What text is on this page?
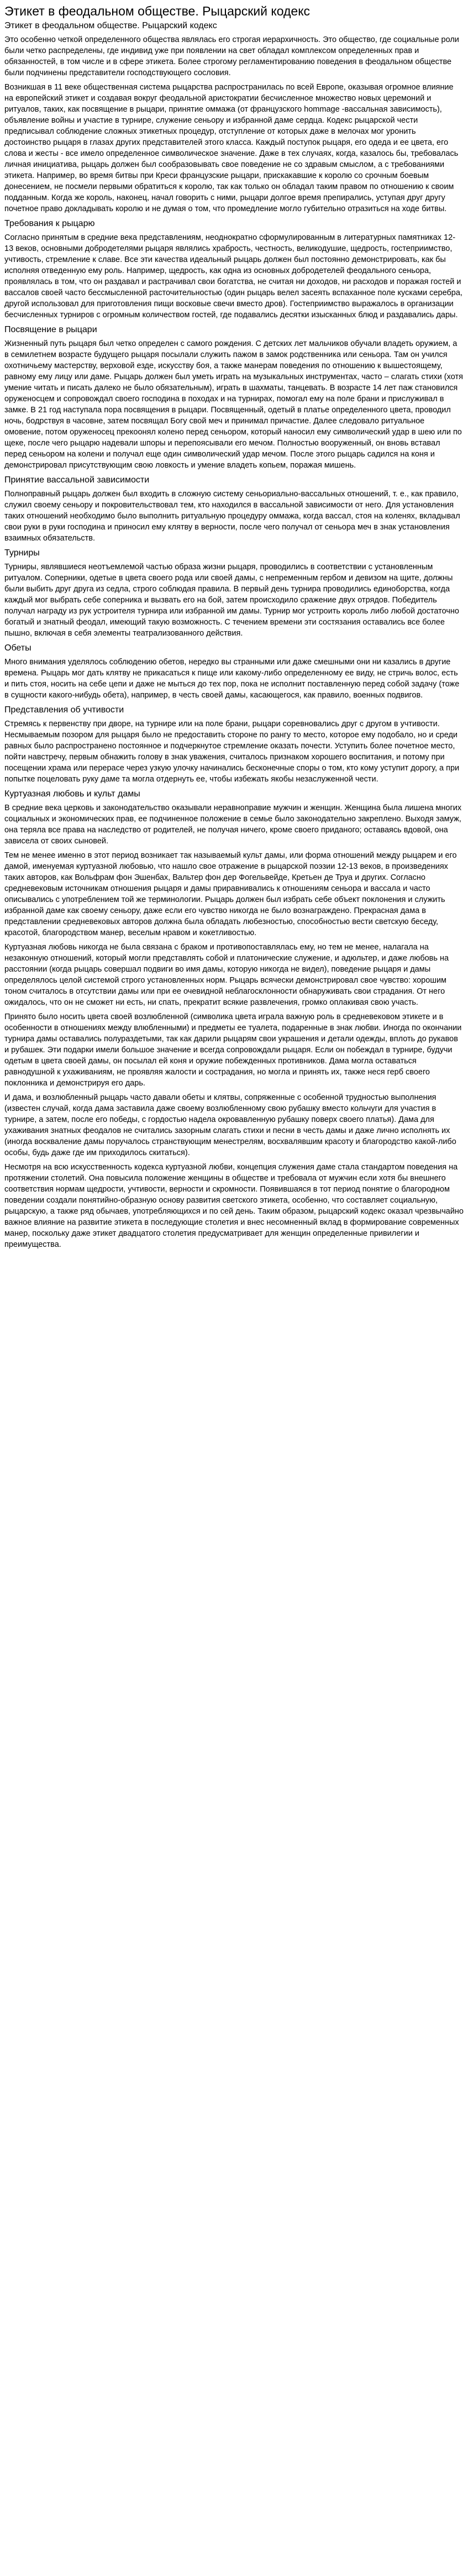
Этикет в феодальном обществе. Рыцарский кодекс
Этикет в феодальном обществе. Рыцарский кодекс

Это особенно четкой определенного общества являлась его строгая иерархичность. Это общество, где социальные роли были четко распределены, где индивид уже при появлении на свет обладал комплексом определенных прав и обязанностей, в том числе и в сфере этикета. Более строгому регламентированию поведения в феодальном обществе были подчинены представители господствующего сословия.

Возникшая в 11 веке общественная система рыцарства распространилась по всей Европе, оказывая огромное влияние на европейский этикет и создавая вокруг феодальной аристократии бесчисленное множество новых церемоний и ритуалов, таких, как посвящение в рыцари, принятие оммажа (от французского hommage -вассальная зависимость), объявление войны и участие в турнире, служение сеньору и избранной даме сердца. Кодекс рыцарской чести предписывал соблюдение сложных этикетных процедур, отступление от которых даже в мелочах мог уронить достоинство рыцаря в глазах других представителей этого класса. Каждый поступок рыцаря, его одеда и ее цвета, его слова и жесты - все имело определенное символическое значение. Даже в тех случаях, когда, казалось бы, требовалась личная инициатива, рыцарь должен был сообразовывать свое поведение не со здравым смыслом, а с требованиями этикета. Например, во время битвы при Креси французские рыцари, прискакавшие к королю со срочным боевым донесением, не посмели первыми обратиться к королю, так как только он обладал таким правом по отношению к своим подданным. Когда же король, наконец, начал говорить с ними, рыцари долгое время препирались, уступая друг другу почетное право докладывать королю и не думая о том, что промедление могло губительно отразиться на ходе битвы.

Требования к рыцарю

Согласно принятым в средние века представлениям, неоднократно сформулированным в литературных памятниках 12-13 веков, основными добродетелями рыцаря являлись храбрость, честность, великодушие, щедрость, гостеприимство, учтивость, стремление к славе. Все эти качества идеальный рыцарь должен был постоянно демонстрировать, как бы исполняя отведенную ему роль. Например, щедрость, как одна из основных добродетелей феодального сеньора, проявлялась в том, что он раздавал и растрачивал свои богатства, не считая ни доходов, ни расходов и поражая гостей и вассалов своей часто бессмысленной расточительностью (один рыцарь велел засеять вспаханное поле кусками серебра, другой использовал для приготовления пищи восковые свечи вместо дров). Гостеприимство выражалось в организации бесчисленных турниров с огромным количеством гостей, где подавались десятки изысканных блюд и раздавались дары.

Посвящение в рыцари

Жизненный путь рыцаря был четко определен с самого рождения. С детских лет мальчиков обучали владеть оружием, а в семилетнем возрасте будущего рыцаря посылали служить пажом в замок родственника или сеньора. Там он учился охотничьему мастерству, верховой езде, искусству боя, а также манерам поведения по отношению к вышестоящему, равному ему лицу или даме. Рыцарь должен был уметь играть на музыкальных инструментах, часто – слагать стихи (хотя умение читать и писать далеко не было обязательным), играть в шахматы, танцевать. В возрасте 14 лет паж становился оруженосцем и сопровождал своего господина в походах и на турнирах, помогал ему на поле брани и прислуживал в замке. В 21 год наступала пора посвящения в рыцари. Посвященный, одетый в платье определенного цвета, проводил ночь, бодрствуя в часовне, затем посвящал Богу свой меч и принимал причастие. Далее следовало ритуальное омовение, потом оруженосец прекоонял колено перед сеньором, который наносил ему символический удар в шею или по щеке, после чего рыцарю надевали шпоры и перепоясывали его мечом. Полностью вооруженный, он вновь вставал перед сеньором на колени и получал еще один символический удар мечом. После этого рыцарь садился на коня и демонстрировал присутствующим свою ловкость и умение владеть копьем, поражая мишень.

Принятие вассальной зависимости

Полноправный рыцарь должен был входить в сложную систему сеньориально-вассальных отношений, т. е., как правило, служил своему сеньору и покровительствовал тем, кто находился в вассальной зависимости от него. Для установления таких отношений необходимо было выполнить ритуальную процедуру оммажа, когда вассал, стоя на коленях, вкладывал свои руки в руки господина и приносил ему клятву в верности, после чего получал от сеньора меч в знак установления взаимных обязательств.

Турниры

Турниры, являвшиеся неотъемлемой частью образа жизни рыцаря, проводились в соответствии с установленным ритуалом. Соперники, одетые в цвета своего рода или своей дамы, с непременным гербом и девизом на щите, должны были выбить друг друга из седла, строго соблюдая правила. В первый день турнира проводились единоборства, когда каждый мог выбрать себе соперника и вызвать его на бой, затем происходило сражение двух отрядов. Победитель получал награду из рук устроителя турнира или избранной им дамы. Турнир мог устроить король либо любой достаточно богатый и знатный феодал, имеющий такую возможность. С течением времени эти состязания оставались все более пышно, включая в себя элементы театрализованного действия.

Обеты

Много внимания уделялось соблюдению обетов, нередко вы странными или даже смешными они ни казались в другие времена. Рыцарь мог дать клятву не прикасаться к пище или какому-либо определенному ее виду, не стричь волос, есть и пить стоя, носить на себе цепи и даже не мыться до тех пор, пока не исполнит поставленную перед собой задачу (тоже в сущности какого-нибудь обета), например, в честь своей дамы, касающегося, как правило, военных подвигов.

Представления об учтивости

Стремясь к первенству при дворе, на турнире или на поле брани, рыцари соревновались друг с другом в учтивости. Несмываемым позором для рыцаря было не предоставить стороне по рангу то место, которое ему подобало, но и среди равных было распространено постоянное и подчеркнутое стремление оказать почести. Уступить более почетное место, пойти навстречу, первым обнажить голову в знак уважения, считалось признаком хорошего воспитания, и потому при посещении храма или перерасе через узкую улочку начинались бесконечные споры о том, кто кому уступит дорогу, а при попытке поцеловать руку даме та могла отдернуть ее, чтобы избежать якобы незаслуженной чести.

Куртуазная любовь и культ дамы

В средние века церковь и законодательство оказывали неравноправие мужчин и женщин. Женщина была лишена многих социальных и экономических прав, ее подчиненное положение в семье было законодательно закреплено. Выходя замуж, она теряла все права на наследство от родителей, не получая ничего, кроме своего приданого; оставаясь вдовой, она зависела от своих сыновей.

Тем не менее именно в этот период возникает так называемый культ дамы, или форма отношений между рыцарем и его дамой, именуемая куртуазной любовью, что нашло свое отражение в рыцарской поэзии 12-13 веков, в произведениях таких авторов, как Вольфрам фон Эшенбах, Вальтер фон дер Фогельвейде, Кретьен де Труа и других. Согласно средневековым источникам отношения рыцаря и дамы приравнивались к отношениям сеньора и вассала и часто описывались с употреблением той же терминологии. Рыцарь должен был избрать себе объект поклонения и служить избранной даме как своему сеньору, даже если его чувство никогда не было вознаграждено. Прекрасная дама в представлении средневековых авторов должна была обладать любезностью, способностью вести светскую беседу, красотой, благородством манер, веселым нравом и кокетливостью.

Куртуазная любовь никогда не была связана с браком и противопоставлялась ему, но тем не менее, налагала на незаконную отношений, который могли представлять собой и платонические служение, и адюльтер, и даже любовь на расстоянии (когда рыцарь совершал подвиги во имя дамы, которую никогда не видел), поведение рыцаря и дамы определялось целой системой строго установленных норм. Рыцарь всячески демонстрировал свое чувство: хорошим тоном считалось в отсутствии дамы или при ее очевидной неблагосклонности обнаруживать свои страдания. От него ожидалось, что он не сможет ни есть, ни спать, прекратит всякие развлечения, громко оплакивая свою участь.

Принято было носить цвета своей возлюбленной (символика цвета играла важную роль в средневековом этикете и в особенности в отношениях между влюбленными) и предметы ее туалета, подаренные в знак любви. Иногда по окончании турнира дамы оставались полураздетыми, так как дарили рыцарям свои украшения и детали одежды, вплоть до рукавов и рубашек. Эти подарки имели большое значение и всегда сопровождали рыцаря. Если он побеждал в турнире, будучи одетым в цвета своей дамы, он посылал ей коня и оружие побежденных противников. Дама могла оставаться равнодушной к ухаживаниям, не проявляя жалости и сострадания, но могла и принять их, также неся герб своего поклонника и демонстрируя его дарь.

И дама, и возлюбленный рыцарь часто давали обеты и клятвы, сопряженные с особенной трудностью выполнения (известен случай, когда дама заставила даже своему возлюбленному свою рубашку вместо кольчуги для участия в турнире, а затем, после его победы, с гордостью надела окровавленную рубашку поверх своего платья). Дама для ухаживания знатных феодалов не считались зазорным слагать стихи и песни в честь дамы и даже лично исполнять их (иногда воскваление дамы поручалось странствующим менестрелям, восхвалявшим красоту и благородство какой-либо особы, будь даже где им приходилось скитаться).

Несмотря на всю искусственность кодекса куртуазной любви, концепция служения даме стала стандартом поведения на протяжении столетий. Она повысила положение женщины в обществе и требовала от мужчин если хотя бы внешнего соответствия нормам щедрости, учтивости, верности и скромности. Появившаяся в тот период понятие о благородном поведении создали понятийно-образную основу развития светского этикета, особенно, что составляет социальную, рыцарскую, а также ряд обычаев, употребляющихся и по сей день. Таким образом, рыцарский кодекс оказал чрезвычайно важное влияние на развитие этикета в последующие столетия и внес несомненный вклад в формирование современных манер, поскольку даже этикет двадцатого столетия предусматривает для женщин определенные привилегии и преимущества.
